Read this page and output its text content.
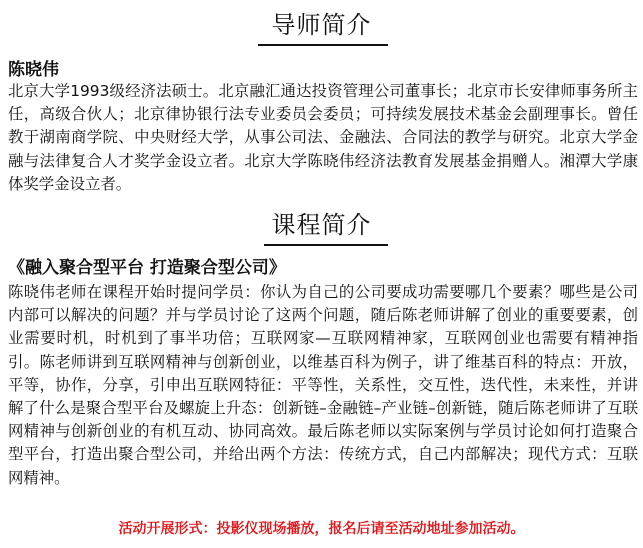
导师简介
陈晓伟

北京大学1993级经济法硕士。北京融汇通达投资管理公司董事长；北京市长安律师事务所主任，高级合伙人；北京律协银行法专业委员会委员；可持续发展技术基金会副理事长。曾任教于湖南商学院、中央财经大学，从事公司法、金融法、合同法的教学与研究。北京大学金融与法律复合人才奖学金设立者。北京大学陈晓伟经济法教育发展基金捐赠人。湘潭大学康体奖学金设立者。

课程简介
《融入聚合型平台 打造聚合型公司》

陈晓伟老师在课程开始时提问学员：你认为自己的公司要成功需要哪几个要素？哪些是公司内部可以解决的问题？并与学员讨论了这两个问题，随后陈老师讲解了创业的重要要素，创业需要时机，时机到了事半功倍；互联网家—互联网精神家，互联网创业也需要有精神指引。陈老师讲到互联网精神与创新创业，以维基百科为例子，讲了维基百科的特点：开放，平等，协作，分享，引申出互联网特征：平等性，关系性，交互性，迭代性，未来性，并讲解了什么是聚合型平台及螺旋上升态：创新链–金融链–产业链–创新链，随后陈老师讲了互联网精神与创新创业的有机互动、协同高效。最后陈老师以实际案例与学员讨论如何打造聚合型平台，打造出聚合型公司，并给出两个方法：传统方式，自己内部解决；现代方式：互联网精神。

活动开展形式：投影仪现场播放，报名后请至活动地址参加活动。
